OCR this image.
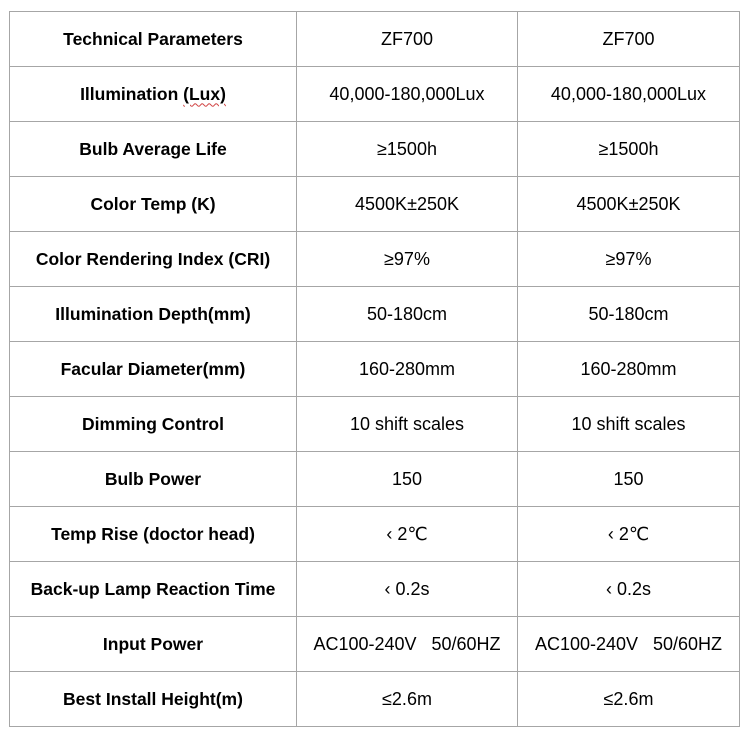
Technical Parameters	ZF700	ZF700
Illumination (Lux)	40,000-180,000Lux	40,000-180,000Lux
Bulb Average Life	≥1500h	≥1500h
Color Temp (K)	4500K±250K	4500K±250K
Color Rendering Index (CRI)	≥97%	≥97%
Illumination Depth(mm)	50-180cm	50-180cm
Facular Diameter(mm)	160-280mm	160-280mm
Dimming Control	10 shift scales	10 shift scales
Bulb Power	150	150
Temp Rise (doctor head)	‹ 2℃	‹ 2℃
Back-up Lamp Reaction Time	‹ 0.2s	‹ 0.2s
Input Power	AC100-240V   50/60HZ	AC100-240V   50/60HZ
Best Install Height(m)	≤2.6m	≤2.6m
